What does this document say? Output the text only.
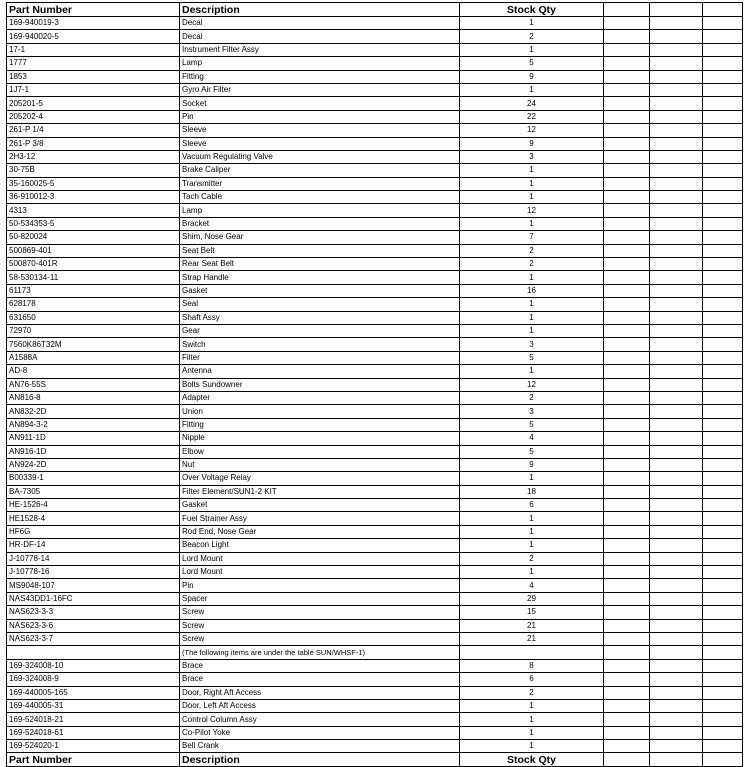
Part Number	Description	Stock Qty			
169-940019-3	Decal	1			
169-940020-5	Decal	2			
17-1	Instrument Filter Assy	1			
1777	Lamp	5			
1853	Fitting	9			
1J7-1	Gyro Air Filter	1			
205201-5	Socket	24			
205202-4	Pin	22			
261-P 1/4	Sleeve	12			
261-P 3/8	Sleeve	9			
2H3-12	Vacuum Regulating Valve	3			
30-75B	Brake Caliper	1			
35-160025-5	Transmitter	1			
36-910012-3	Tach Cable	1			
4313	Lamp	12			
50-534353-5	Bracket	1			
50-820024	Shim, Nose Gear	7			
500869-401	Seat Belt	2			
500870-401R	Rear Seat Belt	2			
58-530134-11	Strap Handle	1			
61173	Gasket	16			
628178	Seal	1			
631650	Shaft Assy	1			
72970	Gear	1			
7560K86T32M	Switch	3			
A1588A	Filter	5			
AD-8	Antenna	1			
AN76-55S	Bolts Sundowner	12			
AN816-8	Adapter	2			
AN832-2D	Union	3			
AN894-3-2	Fitting	5			
AN911-1D	Nipple	4			
AN916-1D	Elbow	5			
AN924-2D	Nut	9			
B00339-1	Over Voltage Relay	1			
BA-7305	Filter Element/SUN1-2 KIT	18			
HE-1526-4	Gasket	6			
HE1528-4	Fuel Strainer Assy	1			
HF6G	Rod End, Nose Gear	1			
HR-DF-14	Beacon Light	1			
J-10778-14	Lord Mount	2			
J-10778-16	Lord Mount	1			
MS9048-107	Pin	4			
NAS43DD1-16FC	Spacer	29			
NAS623-3-3	Screw	15			
NAS623-3-6	Screw	21			
NAS623-3-7	Screw	21			
	(The following items are under the table SUN/WHSF-1)				
169-324008-10	Brace	8			
169-324008-9	Brace	6			
169-440005-165	Door, Right Aft Access	2			
169-440005-31	Door, Left Aft Access	1			
169-524018-21	Control Column Assy	1			
169-524018-61	Co-Pilot Yoke	1			
169-524020-1	Bell Crank	1			
Part Number	Description	Stock Qty			
